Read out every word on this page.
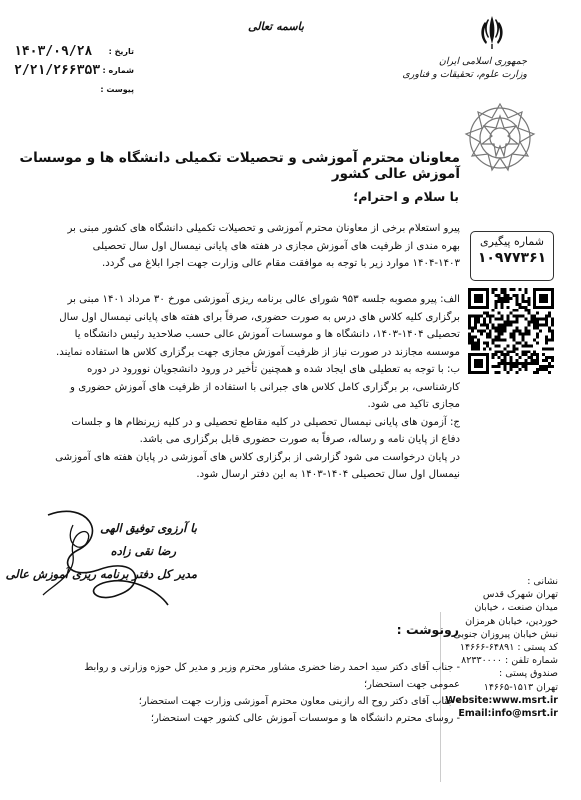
جمهوری اسلامی ایران
وزارت علوم، تحقیقات و فناوری
باسمه تعالی
تاریخ :
۱۴۰۳/۰۹/۲۸
شماره :
۲/۲۱/۲۶۶۳۵۳
پیوست :
معاونان محترم آموزشی و تحصیلات تکمیلی دانشگاه ها و موسسات آموزش عالی کشور
با سلام و احترام؛
پیرو استعلام برخی از معاونان محترم آموزشی و تحصیلات تکمیلی دانشگاه های کشور مبنی بر
بهره مندی از ظرفیت های آموزش مجازی در هفته های پایانی نیمسال اول سال تحصیلی
۱۴۰۴-۱۴۰۳ موارد زیر با توجه به موافقت مقام عالی وزارت جهت اجرا ابلاغ می گردد.
الف: پیرو مصوبه جلسه ۹۵۳ شورای عالی برنامه ریزی آموزشی مورخ ۳۰ مرداد ۱۴۰۱ مبنی بر
برگزاری کلیه کلاس های درس به صورت حضوری، صرفاً برای هفته های پایانی نیمسال اول سال
تحصیلی ۱۴۰۴-۱۴۰۳، دانشگاه ها و موسسات آموزش عالی حسب صلاحدید رئیس دانشگاه یا
موسسه مجازند در صورت نیاز از ظرفیت آموزش مجازی جهت برگزاری کلاس ها استفاده نمایند.
ب: با توجه به تعطیلی های ایجاد شده و همچنین تأخیر در ورود دانشجویان نوورود در دوره
کارشناسی، بر برگزاری کامل کلاس های جبرانی با استفاده از ظرفیت های آموزش حضوری و
مجازی تاکید می شود.
ج: آزمون های پایانی نیمسال تحصیلی در کلیه مقاطع تحصیلی و در کلیه زیرنظام ها و جلسات
دفاع از پایان نامه و رساله، صرفاً به صورت حضوری قابل برگزاری می باشد.
در پایان درخواست می شود گزارشی از برگزاری کلاس های آموزشی در پایان هفته های آموزشی
نیمسال اول سال تحصیلی ۱۴۰۴-۱۴۰۳ به این دفتر ارسال شود.
شماره پیگیری
۱۰۹۷۷۳۶۱
با آرزوی توفیق الهی
رضا نقی زاده
مدیر کل دفتر برنامه ریزی آموزش عالی
نشانی :
تهران شهرک قدس
میدان صنعت ، خیابان
خوردین، خیابان هرمزان
نبش خیابان پیروزان جنوبی
کد پستی : ۶۴۸۹۱-۱۴۶۶۶
شماره تلفن : ۸۲۳۳۰۰۰۰
صندوق پستی :
تهران ۱۵۱۳-۱۴۶۶۵
Website:www.msrt.ir
Email:info@msrt.ir
رونوشت :
- جناب آقای دکتر سید احمد رضا خضری مشاور محترم وزیر و مدیر کل حوزه وزارتی و روابط
عمومی جهت استحضار؛
- جناب آقای دکتر روح اله رازینی معاون محترم آموزشی وزارت جهت استحضار؛
- روسای محترم دانشگاه ها و موسسات آموزش عالی کشور جهت استحضار؛
